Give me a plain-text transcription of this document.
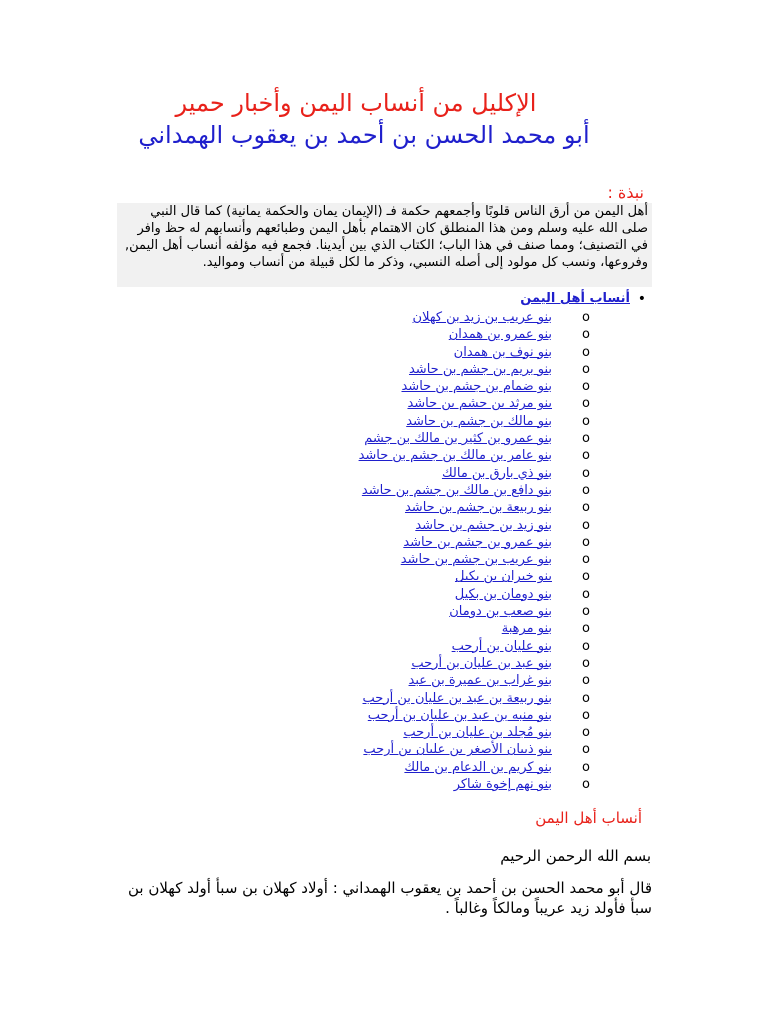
الإكليل من أنساب اليمن وأخبار حمير
أبو محمد الحسن بن أحمد بن يعقوب الهمداني
نبذة :
أهل اليمن من أرق الناس قلوبًا وأجمعهم حكمة فـ (الإيمان يمان والحكمة يمانية) كما قال النبي صلى الله عليه وسلم ومن هذا المنطلق كان الاهتمام بأهل اليمن وطبائعهم وأنسابهم له حظ وافر في التصنيف؛ ومما صنف في هذا الباب؛ الكتاب الذي بين أيدينا. فجمع فيه مؤلفه أنساب أهل اليمن, وفروعها، ونسب كل مولود إلى أصله النسبي، وذكر ما لكل قبيلة من أنساب ومواليد.
•
أنساب أهل اليمن
o
بنو عريب بن زيد بن كهلان
o
بنو عمرو بن همدان
o
بنو نوف بن همدان
o
بنو بريم بن جشم بن حاشد
o
بنو ضمام بن جشم بن حاشد
o
بنو مرثد بن جشم بن حاشد
o
بنو مالك بن جشم بن حاشد
o
بنو عمرو بن كثير بن مالك بن جشم
o
بنو عامر بن مالك بن جشم بن حاشد
o
بنو ذي بارق بن مالك
o
بنو دافع بن مالك بن جشم بن حاشد
o
بنو ربيعة بن جشم بن حاشد
o
بنو زيد بن جشم بن حاشد
o
بنو عمرو بن جشم بن حاشد
o
بنو عريب بن جشم بن حاشد
o
بنو خيران بن بكيل
o
بنو دومان بن بكيل
o
بنو صعب بن دومان
o
بنو مرهبة
o
بنو عليان بن أرحب
o
بنو عبد بن عليان بن أرحب
o
بنو غراب بن عميرة بن عبد
o
بنو ربيعة بن عبد بن عليان بن أرحب
o
بنو منبه بن عبد بن عليان بن أرحب
o
بنو مُجلد بن عليان بن أرحب
o
بنو ذيبان الأصغر بن عليان بن أرحب
o
بنو كريم بن الدعام بن مالك
o
بنو نهم إخوة شاكر
أنساب أهل اليمن
بسم الله الرحمن الرحيم
قال أبو محمد الحسن بن أحمد بن يعقوب الهمداني : أولاد كهلان بن سبأ أولد كهلان بن سبأ فأولد زيد عريباً ومالكاً وغالباً .
